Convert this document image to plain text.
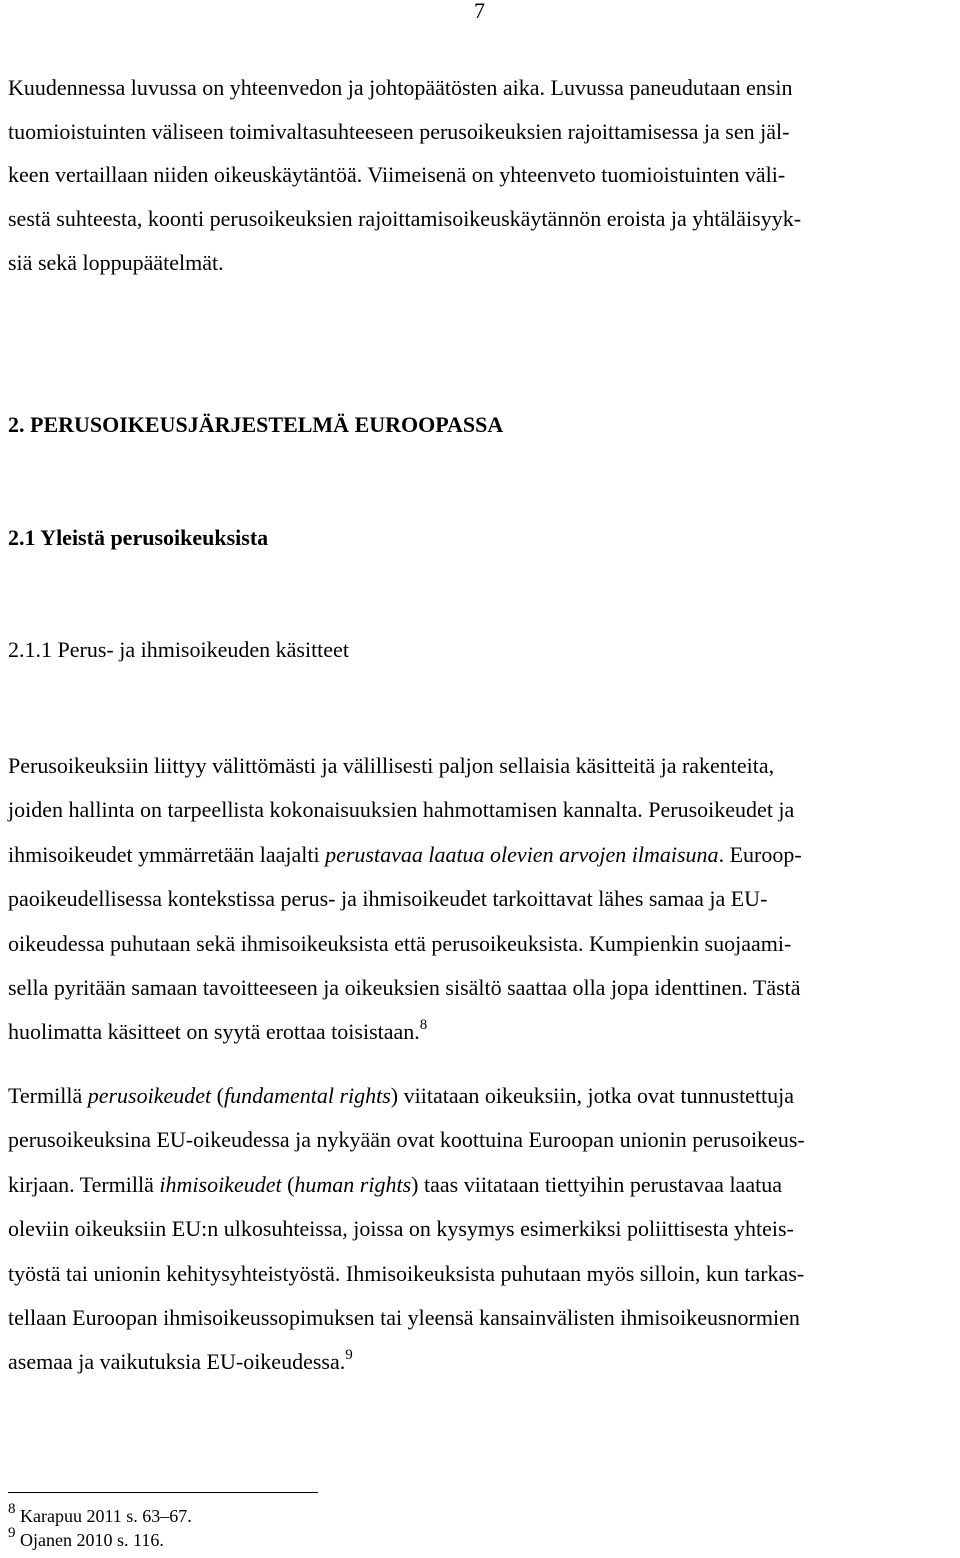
7
Kuudennessa luvussa on yhteenvedon ja johtopäätösten aika. Luvussa paneudutaan ensin
tuomioistuinten väliseen toimivaltasuhteeseen perusoikeuksien rajoittamisessa ja sen jäl-
keen vertaillaan niiden oikeuskäytäntöä. Viimeisenä on yhteenveto tuomioistuinten väli-
sestä suhteesta, koonti perusoikeuksien rajoittamisoikeuskäytännön eroista ja yhtäläisyyk-
siä sekä loppupäätelmät.
2. PERUSOIKEUSJÄRJESTELMÄ EUROOPASSA
2.1 Yleistä perusoikeuksista
2.1.1 Perus- ja ihmisoikeuden käsitteet
Perusoikeuksiin liittyy välittömästi ja välillisesti paljon sellaisia käsitteitä ja rakenteita,
joiden hallinta on tarpeellista kokonaisuuksien hahmottamisen kannalta. Perusoikeudet ja
ihmisoikeudet ymmärretään laajalti perustavaa laatua olevien arvojen ilmaisuna. Euroop-
paoikeudellisessa kontekstissa perus- ja ihmisoikeudet tarkoittavat lähes samaa ja EU-
oikeudessa puhutaan sekä ihmisoikeuksista että perusoikeuksista. Kumpienkin suojaami-
sella pyritään samaan tavoitteeseen ja oikeuksien sisältö saattaa olla jopa identtinen. Tästä
huolimatta käsitteet on syytä erottaa toisistaan.$^8$
Termillä perusoikeudet (fundamental rights) viitataan oikeuksiin, jotka ovat tunnustettuja
perusoikeuksina EU-oikeudessa ja nykyään ovat koottuina Euroopan unionin perusoikeus-
kirjaan. Termillä ihmisoikeudet (human rights) taas viitataan tiettyihin perustavaa laatua
oleviin oikeuksiin EU:n ulkosuhteissa, joissa on kysymys esimerkiksi poliittisesta yhteis-
työstä tai unionin kehitysyhteistyöstä. Ihmisoikeuksista puhutaan myös silloin, kun tarkas-
tellaan Euroopan ihmisoikeussopimuksen tai yleensä kansainvälisten ihmisoikeusnormien
asemaa ja vaikutuksia EU-oikeudessa.$^9$
$^8$ Karapuu 2011 s. 63–67.
$^9$ Ojanen 2010 s. 116.
